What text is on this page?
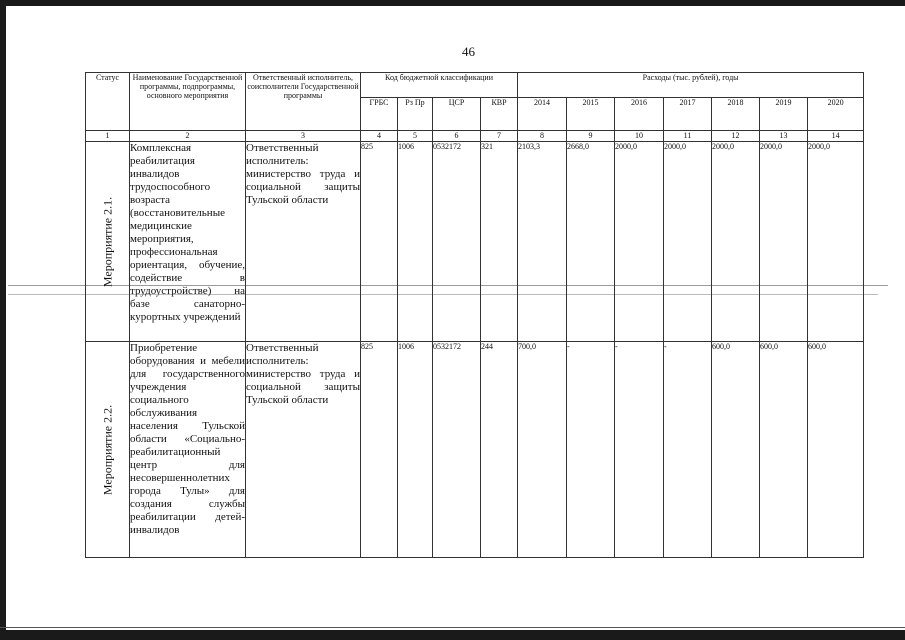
46
Статус	Наименование Государственной программы, подпрограммы, основного мероприятия	Ответственный исполнитель, соисполнители Государственной программы	Код бюджетной классификации				Расходы (тыс. рублей), годы						
			ГРБС	Рз Пр	ЦСР	КВР	2014	2015	2016	2017	2018	2019	2020
1	2	3	4	5	6	7	8	9	10	11	12	13	14

Мероприятие 2.1.	Комплексная реабилитация инвалидов трудоспособного возраста (восстановительные медицинские мероприятия, профессиональная ориентация, обучение, содействие в трудоустройстве) на базе санаторно-курортных учреждений	Ответственный исполнитель: министерство труда и социальной защиты Тульской области	825	1006	0532172	321	2103,3	2668,0	2000,0	2000,0	2000,0	2000,0	2000,0

Мероприятие 2.2.	Приобретение оборудования и мебели для государственного учреждения социального обслуживания населения Тульской области «Социально-реабилитационный центр для несовершеннолетних города Тулы» для создания службы реабилитации детей-инвалидов	Ответственный исполнитель: министерство труда и социальной защиты Тульской области	825	1006	0532172	244	700,0	-	-	-	600,0	600,0	600,0
